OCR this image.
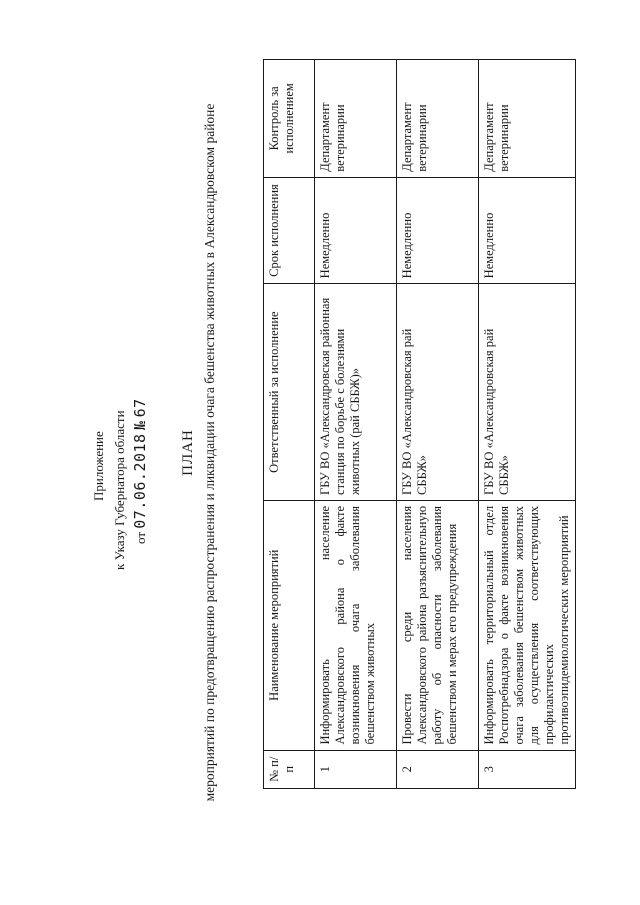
Приложение к Указу Губернатора области от 07.06.2018 № 67
ПЛАН мероприятий по предотвращению распространения и ликвидации очага бешенства животных в Александровском районе	№ п/п	Наименование мероприятий	Ответственный за исполнение	Срок исполнения	Контроль за исполнением
1	Информировать население Александровского района о факте возникновения очага заболевания бешенством животных	ГБУ ВО «Александровская районная станция по борьбе с болезнями животных (рай СББЖ)»	Немедленно	Департамент ветеринарии
2	Провести среди населения Александровского района разъяснительную работу об опасности заболевания бешенством и мерах его предупреждения	ГБУ ВО «Александровская рай СББЖ»	Немедленно	Департамент ветеринарии
3	Информировать территориальный отдел Роспотребнадзора о факте возникновения очага заболевания бешенством животных для осуществления соответствующих профилактических противоэпидемиологических мероприятий	ГБУ ВО «Александровская рай СББЖ»	Немедленно	Департамент ветеринарии
